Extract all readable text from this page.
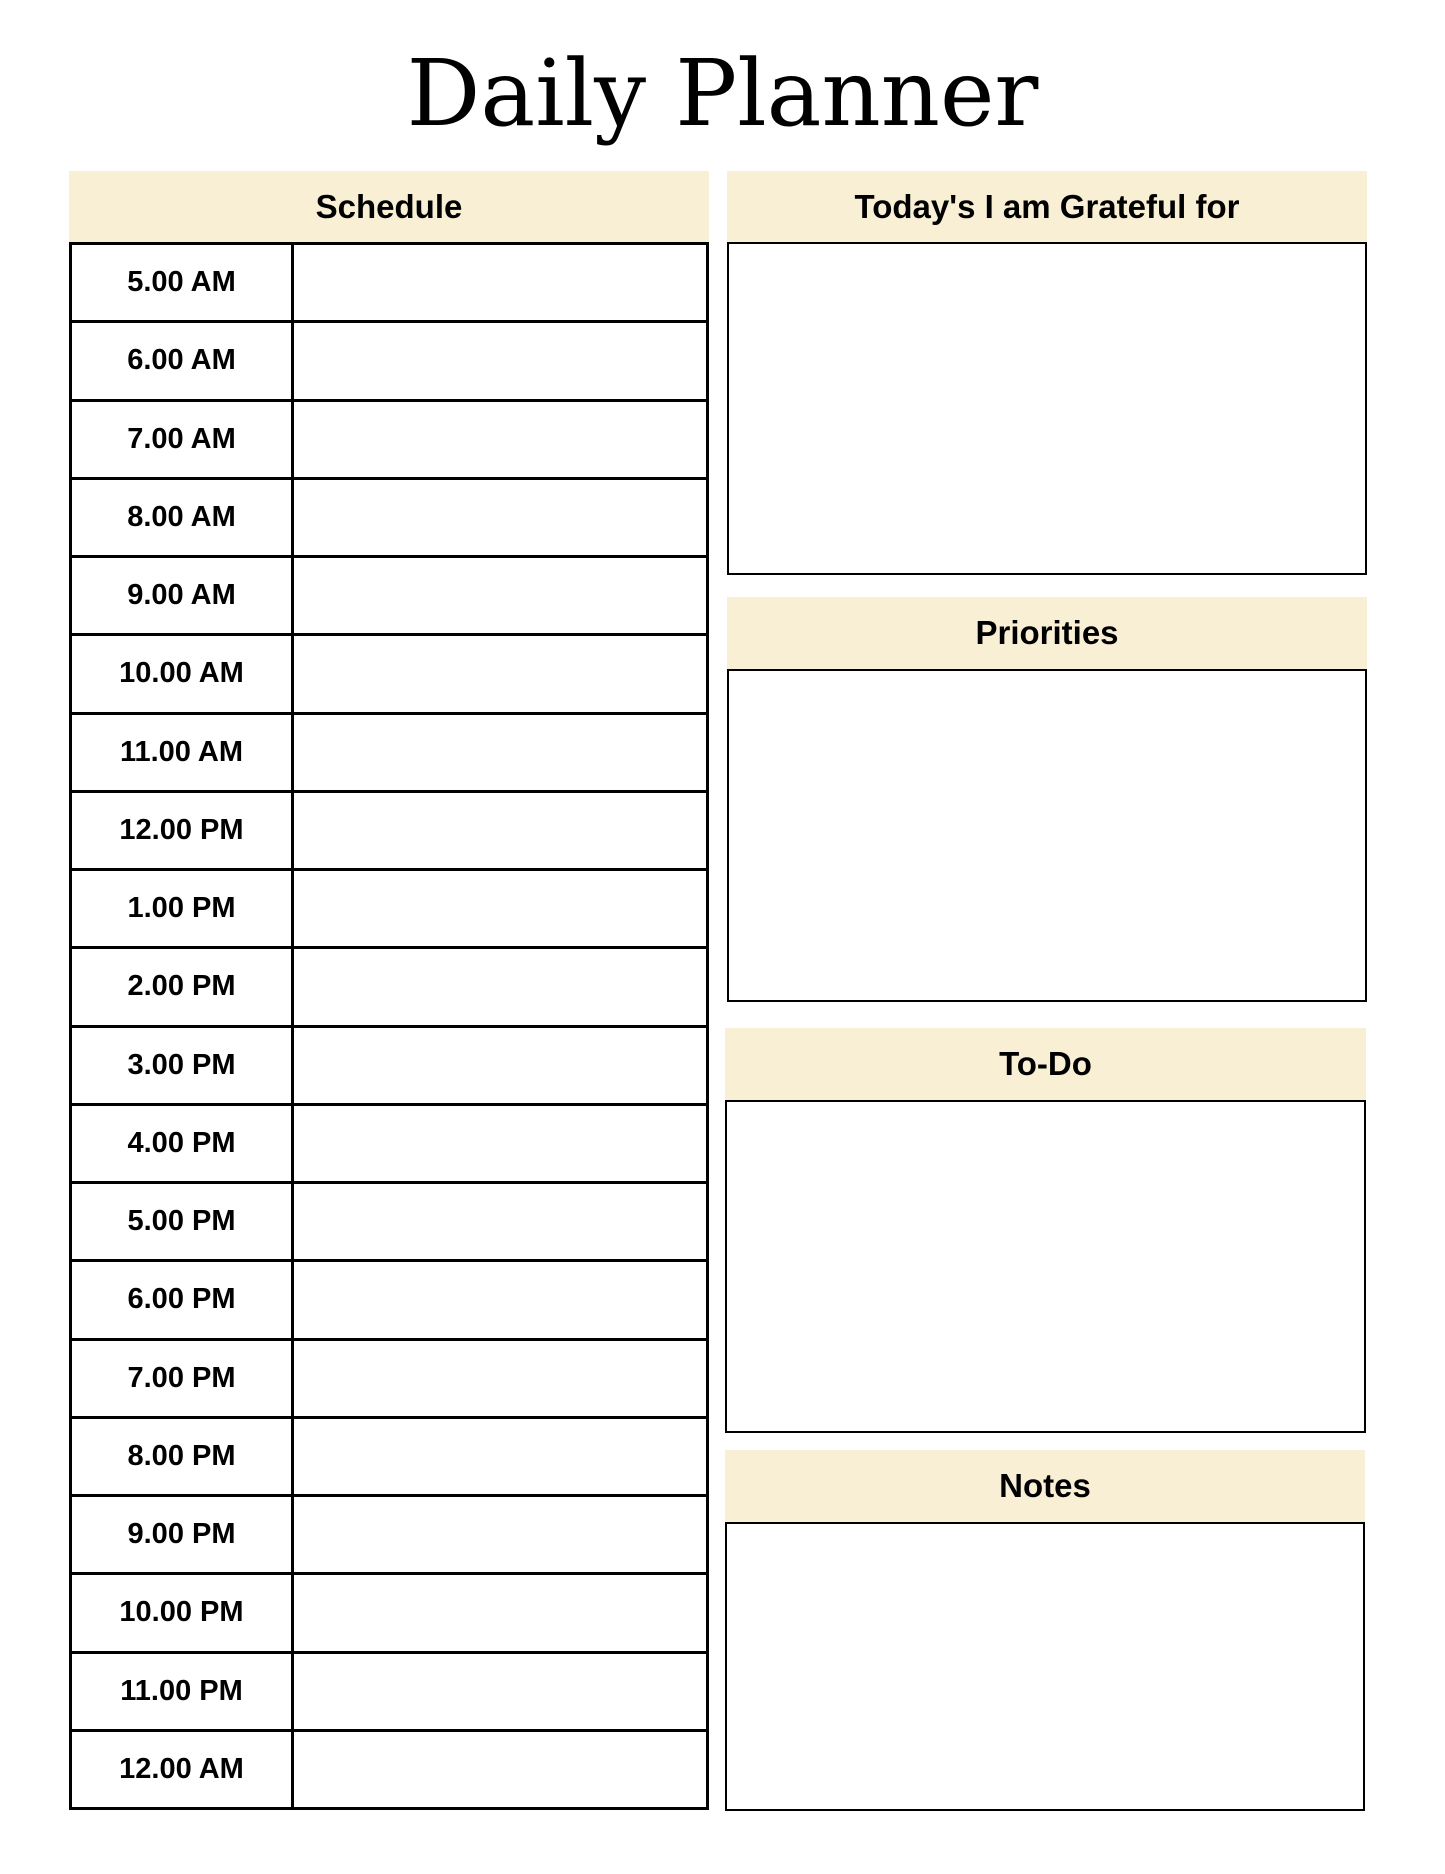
Daily Planner
Schedule
5.00 AM	
6.00 AM	
7.00 AM	
8.00 AM	
9.00 AM	
10.00 AM	
11.00 AM	
12.00 PM	
1.00 PM	
2.00 PM	
3.00 PM	
4.00 PM	
5.00 PM	
6.00 PM	
7.00 PM	
8.00 PM	
9.00 PM	
10.00 PM	
11.00 PM	
12.00 AM	
Today's I am Grateful for
Priorities
To-Do
Notes
